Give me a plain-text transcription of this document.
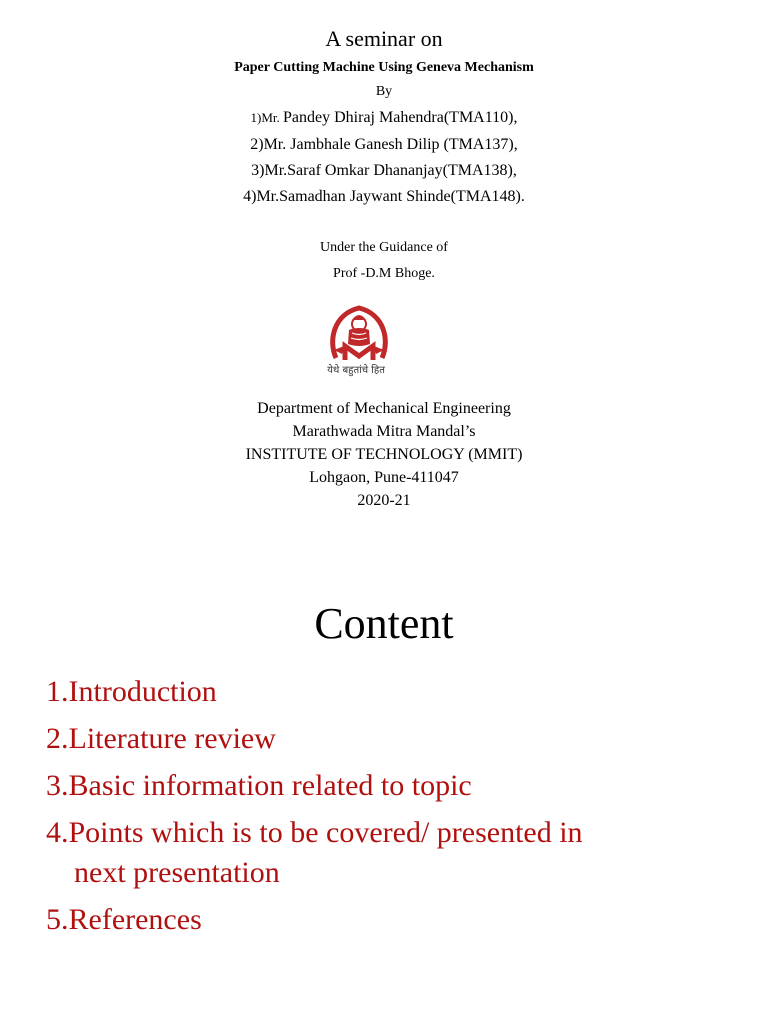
A seminar on
Paper Cutting Machine Using Geneva Mechanism
By
1)Mr. Pandey Dhiraj Mahendra(TMA110),
2)Mr. Jambhale Ganesh Dilip (TMA137),
3)Mr.Saraf Omkar Dhananjay(TMA138),
4)Mr.Samadhan Jaywant Shinde(TMA148).
Under the Guidance of
Prof -D.M Bhoge.
येथे बहुतांचे हित
Department of Mechanical Engineering
Marathwada Mitra Mandal’s
INSTITUTE OF TECHNOLOGY (MMIT)
Lohgaon, Pune-411047
2020-21
Content
1.Introduction
2.Literature review
3.Basic information related to topic
4.Points which is to be covered/ presented in
next presentation
5.References
